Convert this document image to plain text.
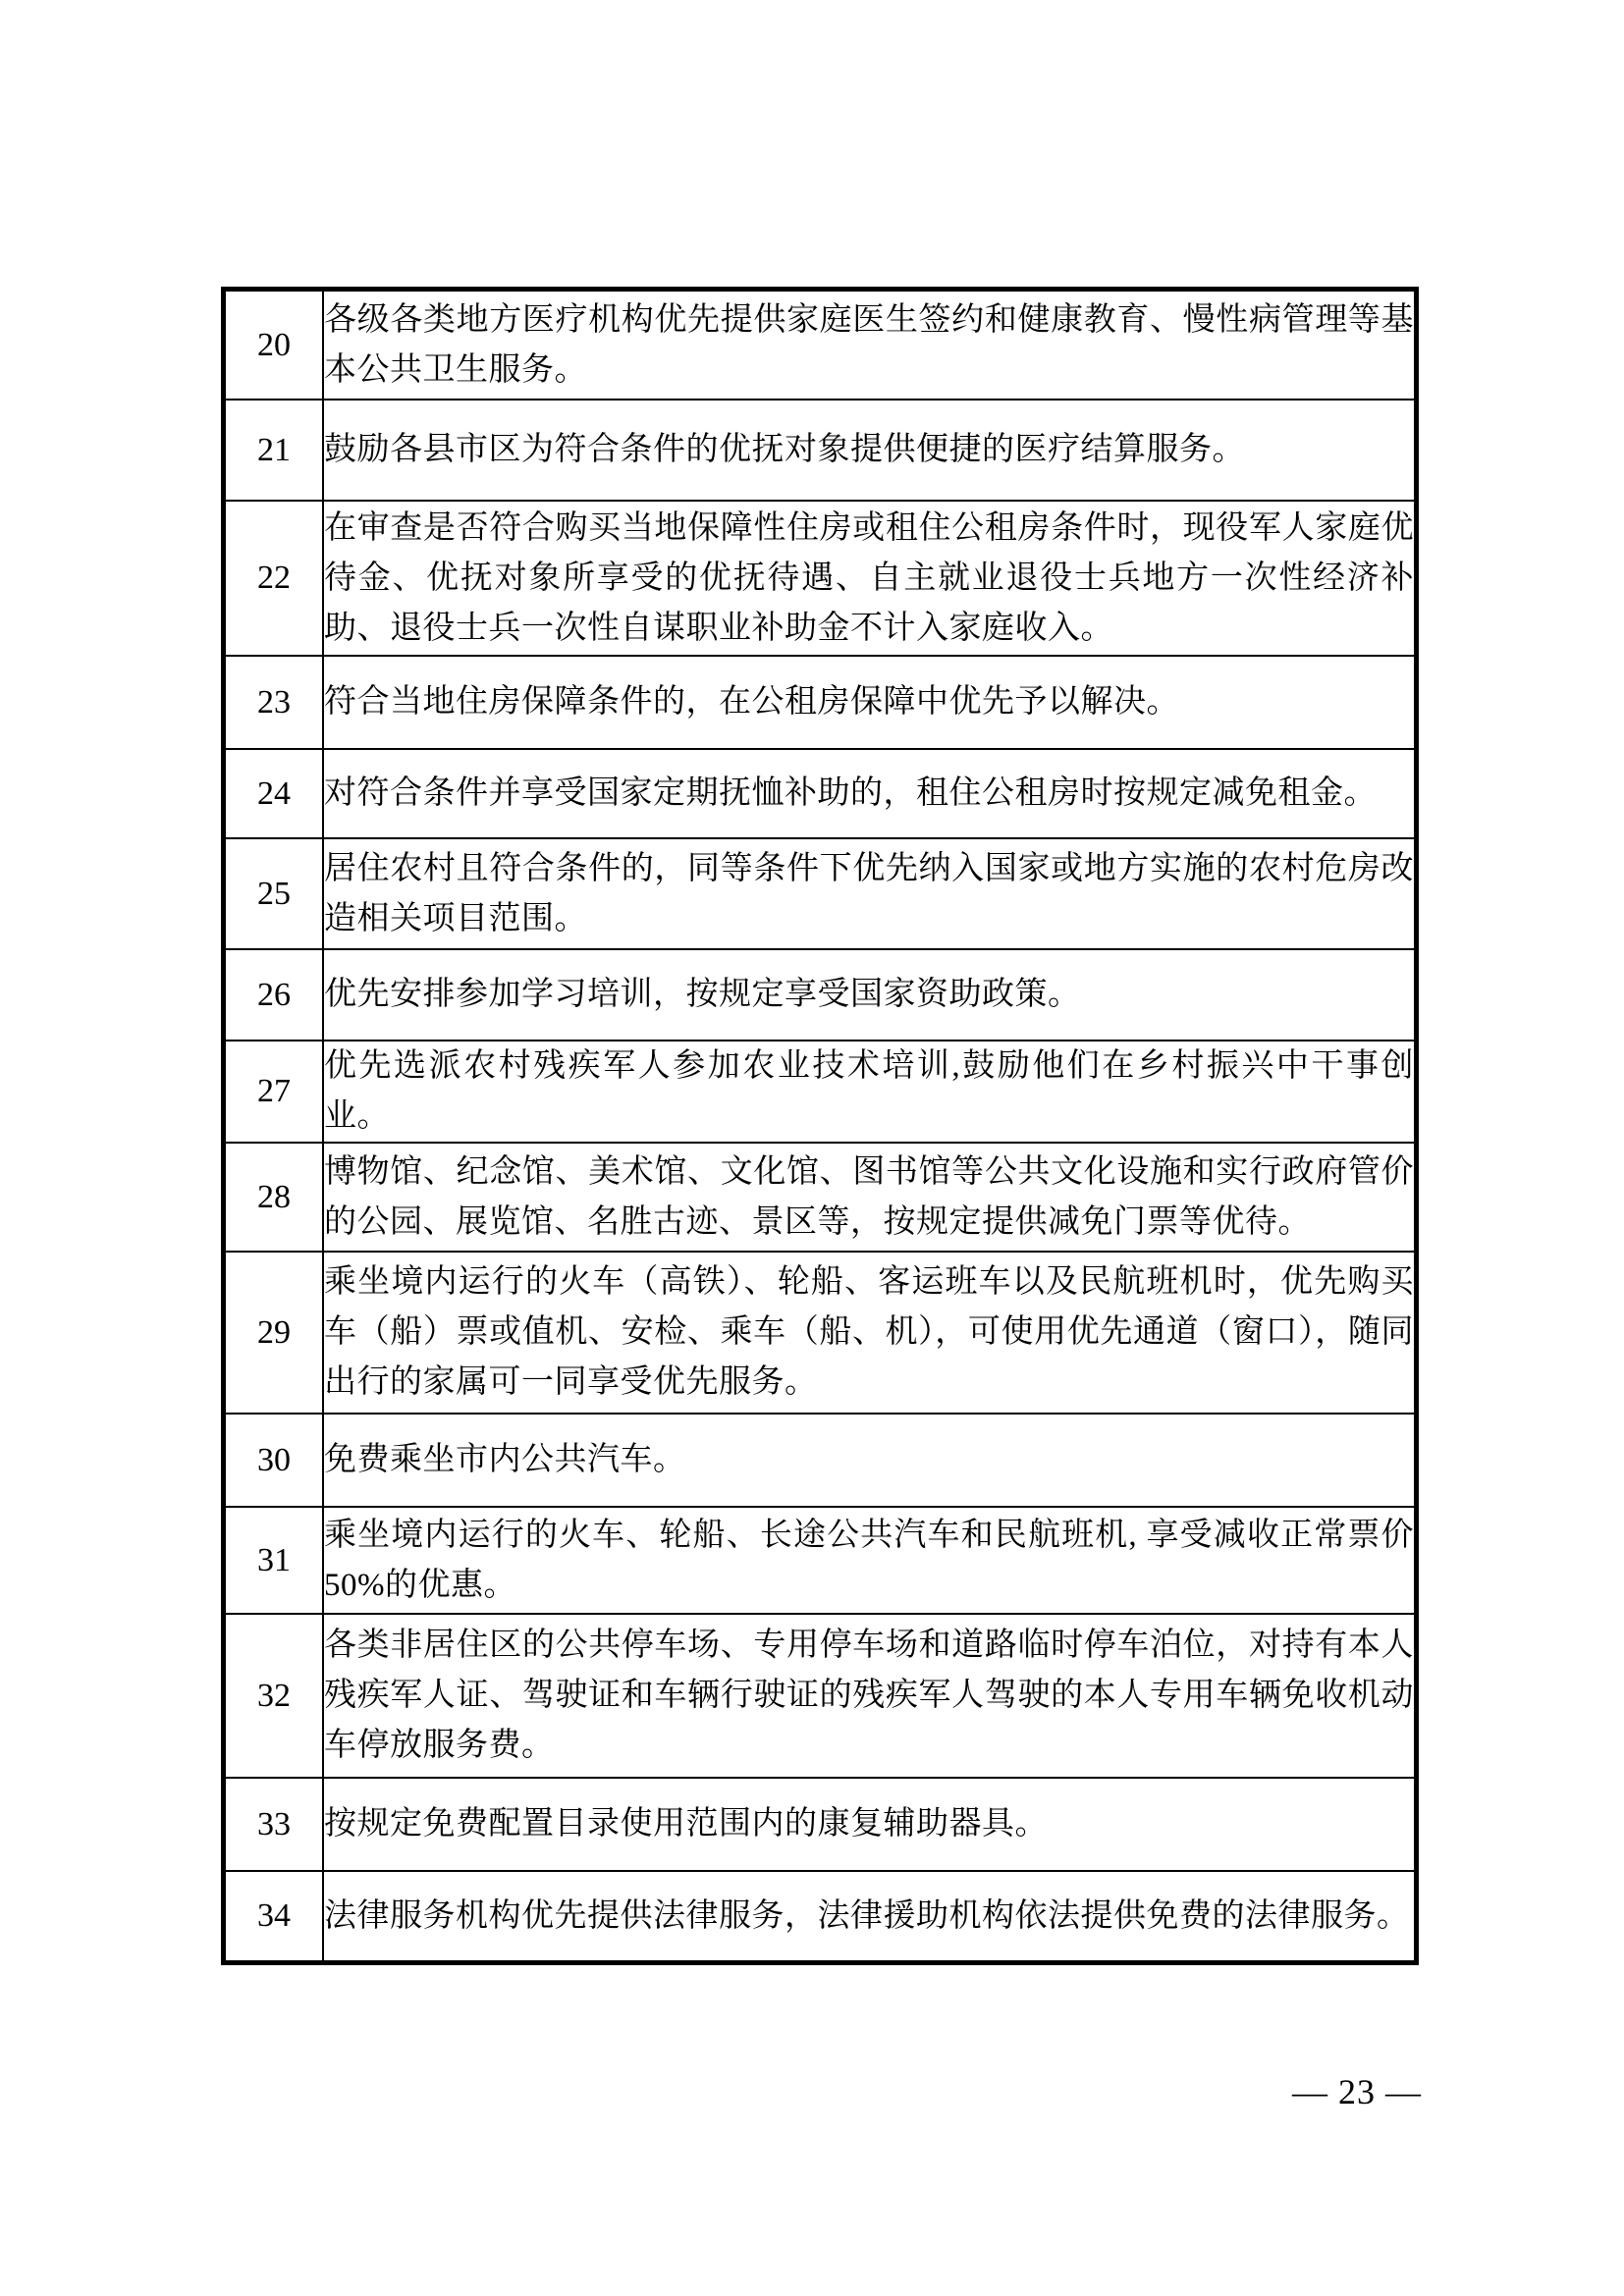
20	各级各类地方医疗机构优先提供家庭医生签约和健康教育、慢性病管理等基本公共卫生服务。
21	鼓励各县市区为符合条件的优抚对象提供便捷的医疗结算服务。
22	在审查是否符合购买当地保障性住房或租住公租房条件时，现役军人家庭优待金、优抚对象所享受的优抚待遇、自主就业退役士兵地方一次性经济补助、退役士兵一次性自谋职业补助金不计入家庭收入。
23	符合当地住房保障条件的，在公租房保障中优先予以解决。
24	对符合条件并享受国家定期抚恤补助的，租住公租房时按规定减免租金。
25	居住农村且符合条件的，同等条件下优先纳入国家或地方实施的农村危房改造相关项目范围。
26	优先安排参加学习培训，按规定享受国家资助政策。
27	优先选派农村残疾军人参加农业技术培训,鼓励他们在乡村振兴中干事创业。
28	博物馆、纪念馆、美术馆、文化馆、图书馆等公共文化设施和实行政府管价的公园、展览馆、名胜古迹、景区等，按规定提供减免门票等优待。
29	乘坐境内运行的火车（高铁）、轮船、客运班车以及民航班机时，优先购买车（船）票或值机、安检、乘车（船、机），可使用优先通道（窗口），随同出行的家属可一同享受优先服务。
30	免费乘坐市内公共汽车。
31	乘坐境内运行的火车、轮船、长途公共汽车和民航班机, 享受减收正常票价 50%的优惠。
32	各类非居住区的公共停车场、专用停车场和道路临时停车泊位，对持有本人残疾军人证、驾驶证和车辆行驶证的残疾军人驾驶的本人专用车辆免收机动车停放服务费。
33	按规定免费配置目录使用范围内的康复辅助器具。
34	法律服务机构优先提供法律服务，法律援助机构依法提供免费的法律服务。
— 23 —
